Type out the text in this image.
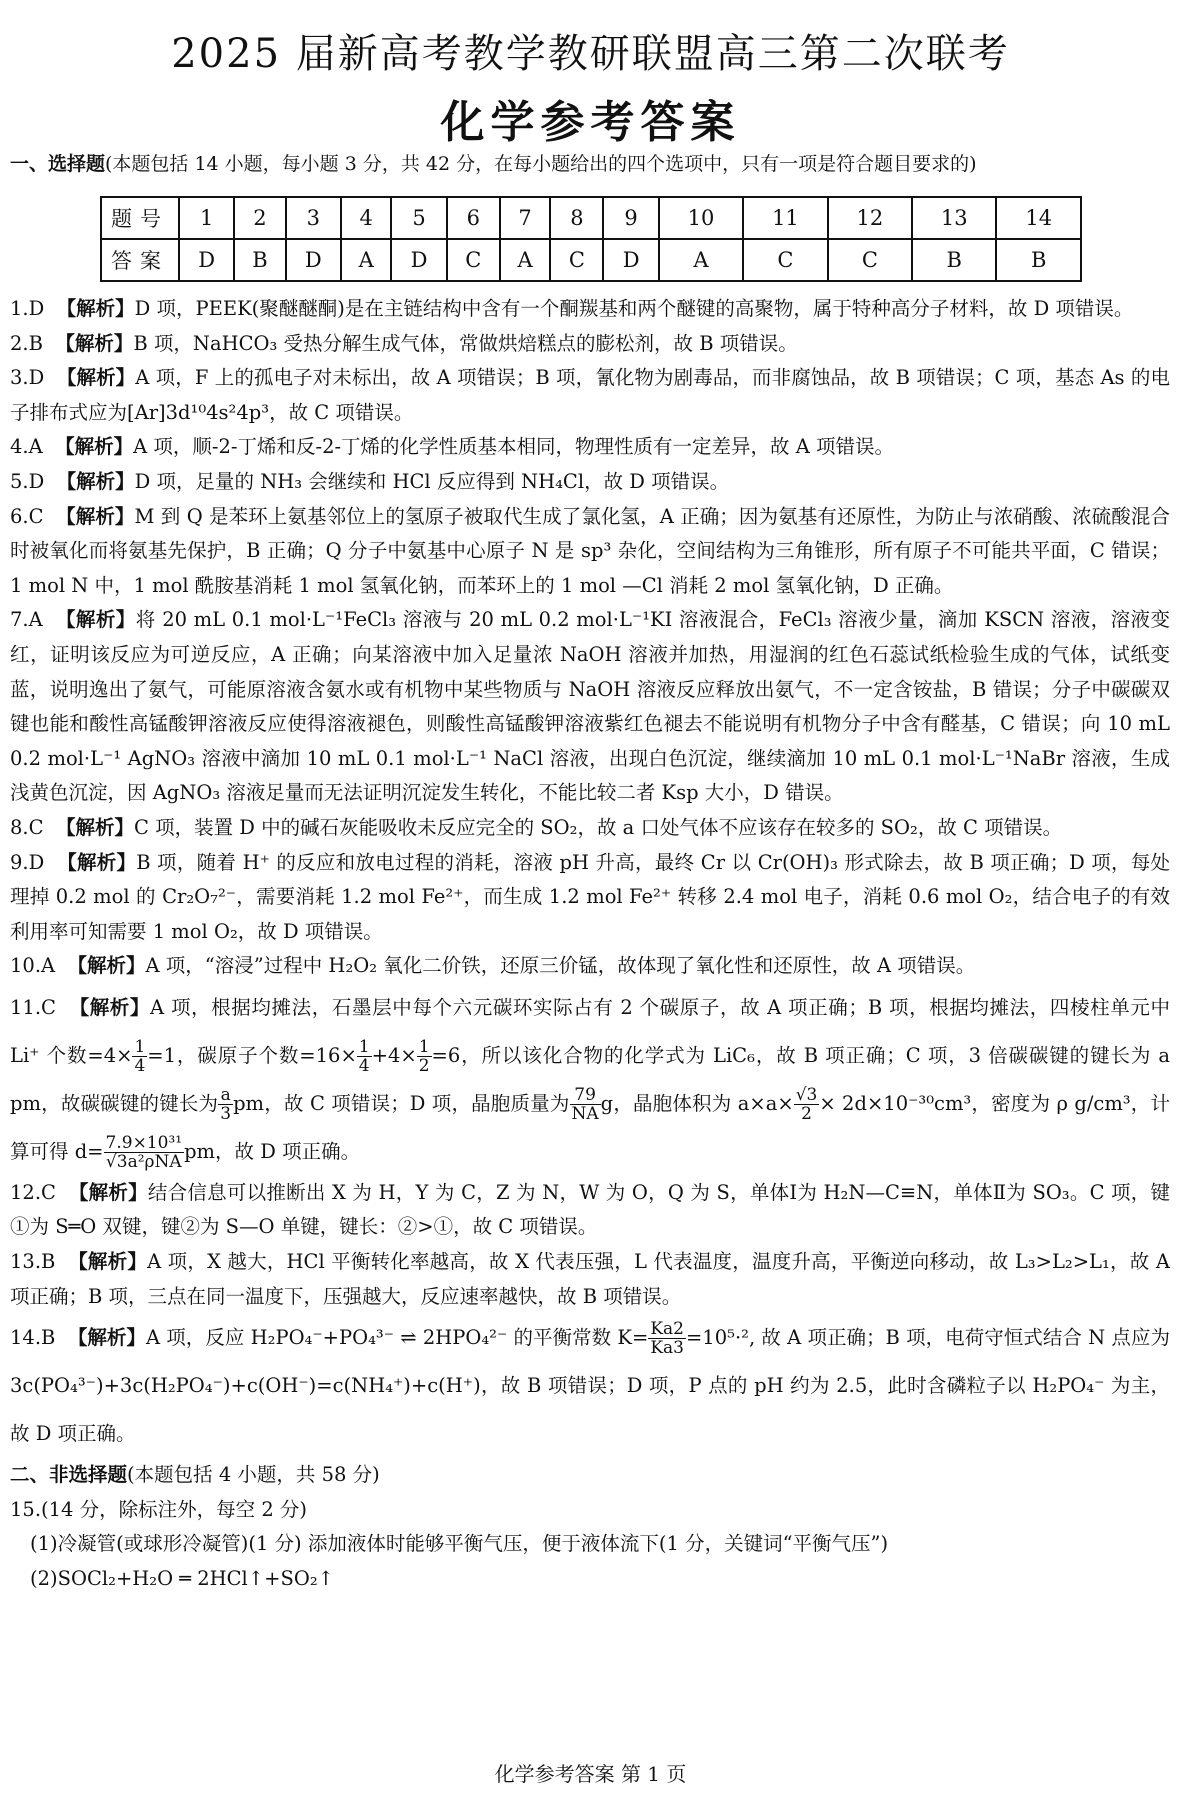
2025 届新高考教学教研联盟高三第二次联考
化学参考答案
一、选择题(本题包括 14 小题，每小题 3 分，共 42 分，在每小题给出的四个选项中，只有一项是符合题目要求的)
题号	1	2	3	4	5	6	7	8	9	10	11	12	13	14
答案	D	B	D	A	D	C	A	C	D	A	C	C	B	B

1.D 【解析】D 项，PEEK(聚醚醚酮)是在主链结构中含有一个酮羰基和两个醚键的高聚物，属于特种高分子材料，故 D 项错误。

2.B 【解析】B 项，NaHCO₃ 受热分解生成气体，常做烘焙糕点的膨松剂，故 B 项错误。

3.D 【解析】A 项，F 上的孤电子对未标出，故 A 项错误；B 项，氰化物为剧毒品，而非腐蚀品，故 B 项错误；C 项，基态 As 的电子排布式应为[Ar]3d¹⁰4s²4p³，故 C 项错误。

4.A 【解析】A 项，顺-2-丁烯和反-2-丁烯的化学性质基本相同，物理性质有一定差异，故 A 项错误。

5.D 【解析】D 项，足量的 NH₃ 会继续和 HCl 反应得到 NH₄Cl，故 D 项错误。

6.C 【解析】M 到 Q 是苯环上氨基邻位上的氢原子被取代生成了氯化氢，A 正确；因为氨基有还原性，为防止与浓硝酸、浓硫酸混合时被氧化而将氨基先保护，B 正确；Q 分子中氨基中心原子 N 是 sp³ 杂化，空间结构为三角锥形，所有原子不可能共平面，C 错误；1 mol N 中，1 mol 酰胺基消耗 1 mol 氢氧化钠，而苯环上的 1 mol —Cl 消耗 2 mol 氢氧化钠，D 正确。

7.A 【解析】将 20 mL 0.1 mol·L⁻¹FeCl₃ 溶液与 20 mL 0.2 mol·L⁻¹KI 溶液混合，FeCl₃ 溶液少量，滴加 KSCN 溶液，溶液变红，证明该反应为可逆反应，A 正确；向某溶液中加入足量浓 NaOH 溶液并加热，用湿润的红色石蕊试纸检验生成的气体，试纸变蓝，说明逸出了氨气，可能原溶液含氨水或有机物中某些物质与 NaOH 溶液反应释放出氨气，不一定含铵盐，B 错误；分子中碳碳双键也能和酸性高锰酸钾溶液反应使得溶液褪色，则酸性高锰酸钾溶液紫红色褪去不能说明有机物分子中含有醛基，C 错误；向 10 mL 0.2 mol·L⁻¹ AgNO₃ 溶液中滴加 10 mL 0.1 mol·L⁻¹ NaCl 溶液，出现白色沉淀，继续滴加 10 mL 0.1 mol·L⁻¹NaBr 溶液，生成浅黄色沉淀，因 AgNO₃ 溶液足量而无法证明沉淀发生转化，不能比较二者 Ksp 大小，D 错误。

8.C 【解析】C 项，装置 D 中的碱石灰能吸收未反应完全的 SO₂，故 a 口处气体不应该存在较多的 SO₂，故 C 项错误。

9.D 【解析】B 项，随着 H⁺ 的反应和放电过程的消耗，溶液 pH 升高，最终 Cr 以 Cr(OH)₃ 形式除去，故 B 项正确；D 项，每处理掉 0.2 mol 的 Cr₂O₇²⁻，需要消耗 1.2 mol Fe²⁺，而生成 1.2 mol Fe²⁺ 转移 2.4 mol 电子，消耗 0.6 mol O₂，结合电子的有效利用率可知需要 1 mol O₂，故 D 项错误。

10.A 【解析】A 项，“溶浸”过程中 H₂O₂ 氧化二价铁，还原三价锰，故体现了氧化性和还原性，故 A 项错误。

11.C 【解析】A 项，根据均摊法，石墨层中每个六元碳环实际占有 2 个碳原子，故 A 项正确；B 项，根据均摊法，四棱柱单元中 Li⁺ 个数$=4\times \frac{1}{4} =1$，碳原子个数$=16\times \frac{1}{4} +4\times \frac{1}{2} =6$，所以该化合物的化学式为 LiC₆，故 B 项正确；C 项，3 倍碳碳键的键长为 a pm，故碳碳键的键长为 $\frac{a}{3}$ pm，故 C 项错误；D 项，晶胞质量为 $\frac{79}{NA}$ g，晶胞体积为 $a\times a\times \frac{√3}{2} \times 2d\times 10^{-30}cm^3$，密度为 ρ g/cm³，计算可得 $d= \frac{\text{7.9×10³¹}}{\text{√3a²ρNA}}$ pm，故 D 项正确。

12.C 【解析】结合信息可以推断出 X 为 H，Y 为 C，Z 为 N，W 为 O，Q 为 S，单体Ⅰ为 H₂N—C≡N，单体Ⅱ为 SO₃。C 项，键①为 S═O 双键，键②为 S—O 单键，键长：②>①，故 C 项错误。

13.B 【解析】A 项，X 越大，HCl 平衡转化率越高，故 X 代表压强，L 代表温度，温度升高，平衡逆向移动，故 L₃>L₂>L₁，故 A 项正确；B 项，三点在同一温度下，压强越大，反应速率越快，故 B 项错误。

14.B 【解析】A 项，反应 H₂PO₄⁻+PO₄³⁻ ⇌ 2HPO₄²⁻ 的平衡常数 $K= \frac{Ka2}{Ka3} =10^5\cdot^2$, 故 A 项正确；B 项，电荷守恒式结合 N 点应为 3c(PO₄³⁻)+3c(H₂PO₄⁻)+c(OH⁻)=c(NH₄⁺)+c(H⁺)，故 B 项错误；D 项，P 点的 pH 约为 2.5，此时含磷粒子以 H₂PO₄⁻ 为主，故 D 项正确。

二、非选择题(本题包括 4 小题，共 58 分)

15.(14 分，除标注外，每空 2 分)

(1)冷凝管(或球形冷凝管)(1 分) 添加液体时能够平衡气压，便于液体流下(1 分，关键词“平衡气压”)

(2)SOCl₂+H₂O ═ 2HCl↑+SO₂↑

化学参考答案 第 1 页
